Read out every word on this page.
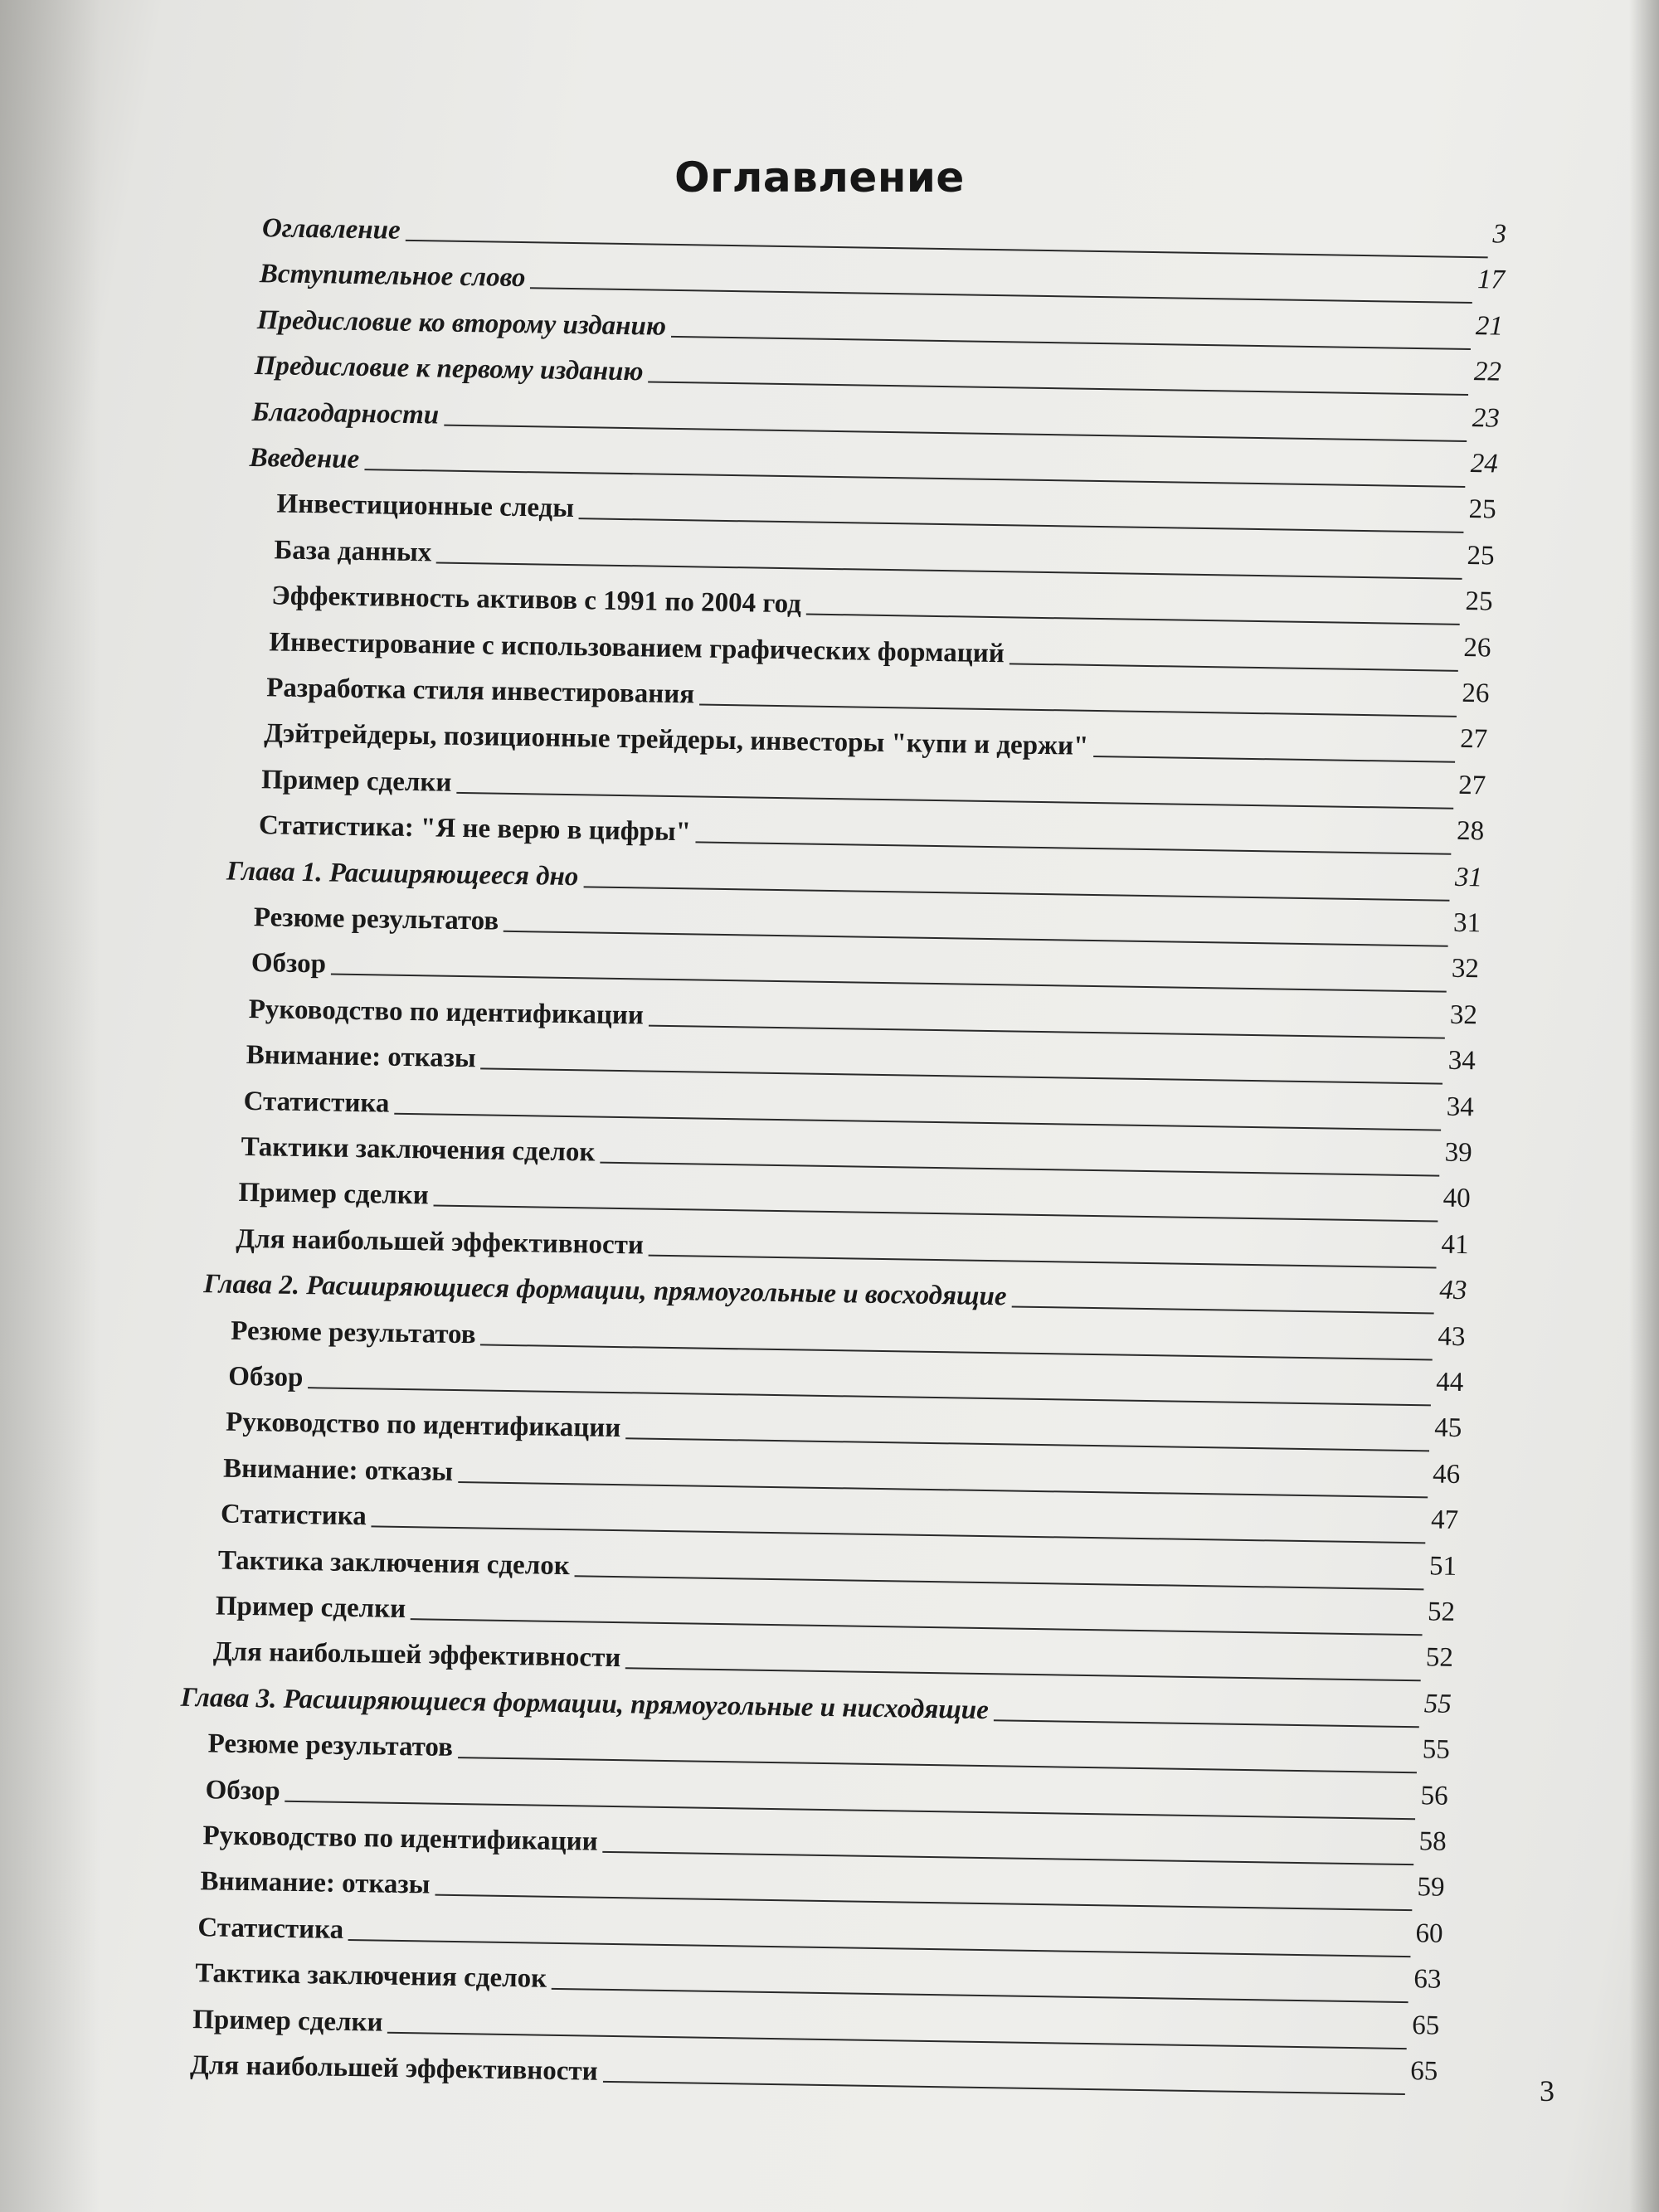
Оглавление
Оглавление	3
Вступительное слово	17
Предисловие ко второму изданию	21
Предисловие к первому изданию	22
Благодарности	23
Введение	24
Инвестиционные следы	25
База данных	25
Эффективность активов с 1991 по 2004 год	25
Инвестирование с использованием графических формаций	26
Разработка стиля инвестирования	26
Дэйтрейдеры, позиционные трейдеры, инвесторы "купи и держи"	27
Пример сделки	27
Статистика: "Я не верю в цифры"	28
Глава 1. Расширяющееся дно	31
Резюме результатов	31
Обзор	32
Руководство по идентификации	32
Внимание: отказы	34
Статистика	34
Тактики заключения сделок	39
Пример сделки	40
Для наибольшей эффективности	41
Глава 2. Расширяющиеся формации, прямоугольные и восходящие	43
Резюме результатов	43
Обзор	44
Руководство по идентификации	45
Внимание: отказы	46
Статистика	47
Тактика заключения сделок	51
Пример сделки	52
Для наибольшей эффективности	52
Глава 3. Расширяющиеся формации, прямоугольные и нисходящие	55
Резюме результатов	55
Обзор	56
Руководство по идентификации	58
Внимание: отказы	59
Статистика	60
Тактика заключения сделок	63
Пример сделки	65
Для наибольшей эффективности	65
3
